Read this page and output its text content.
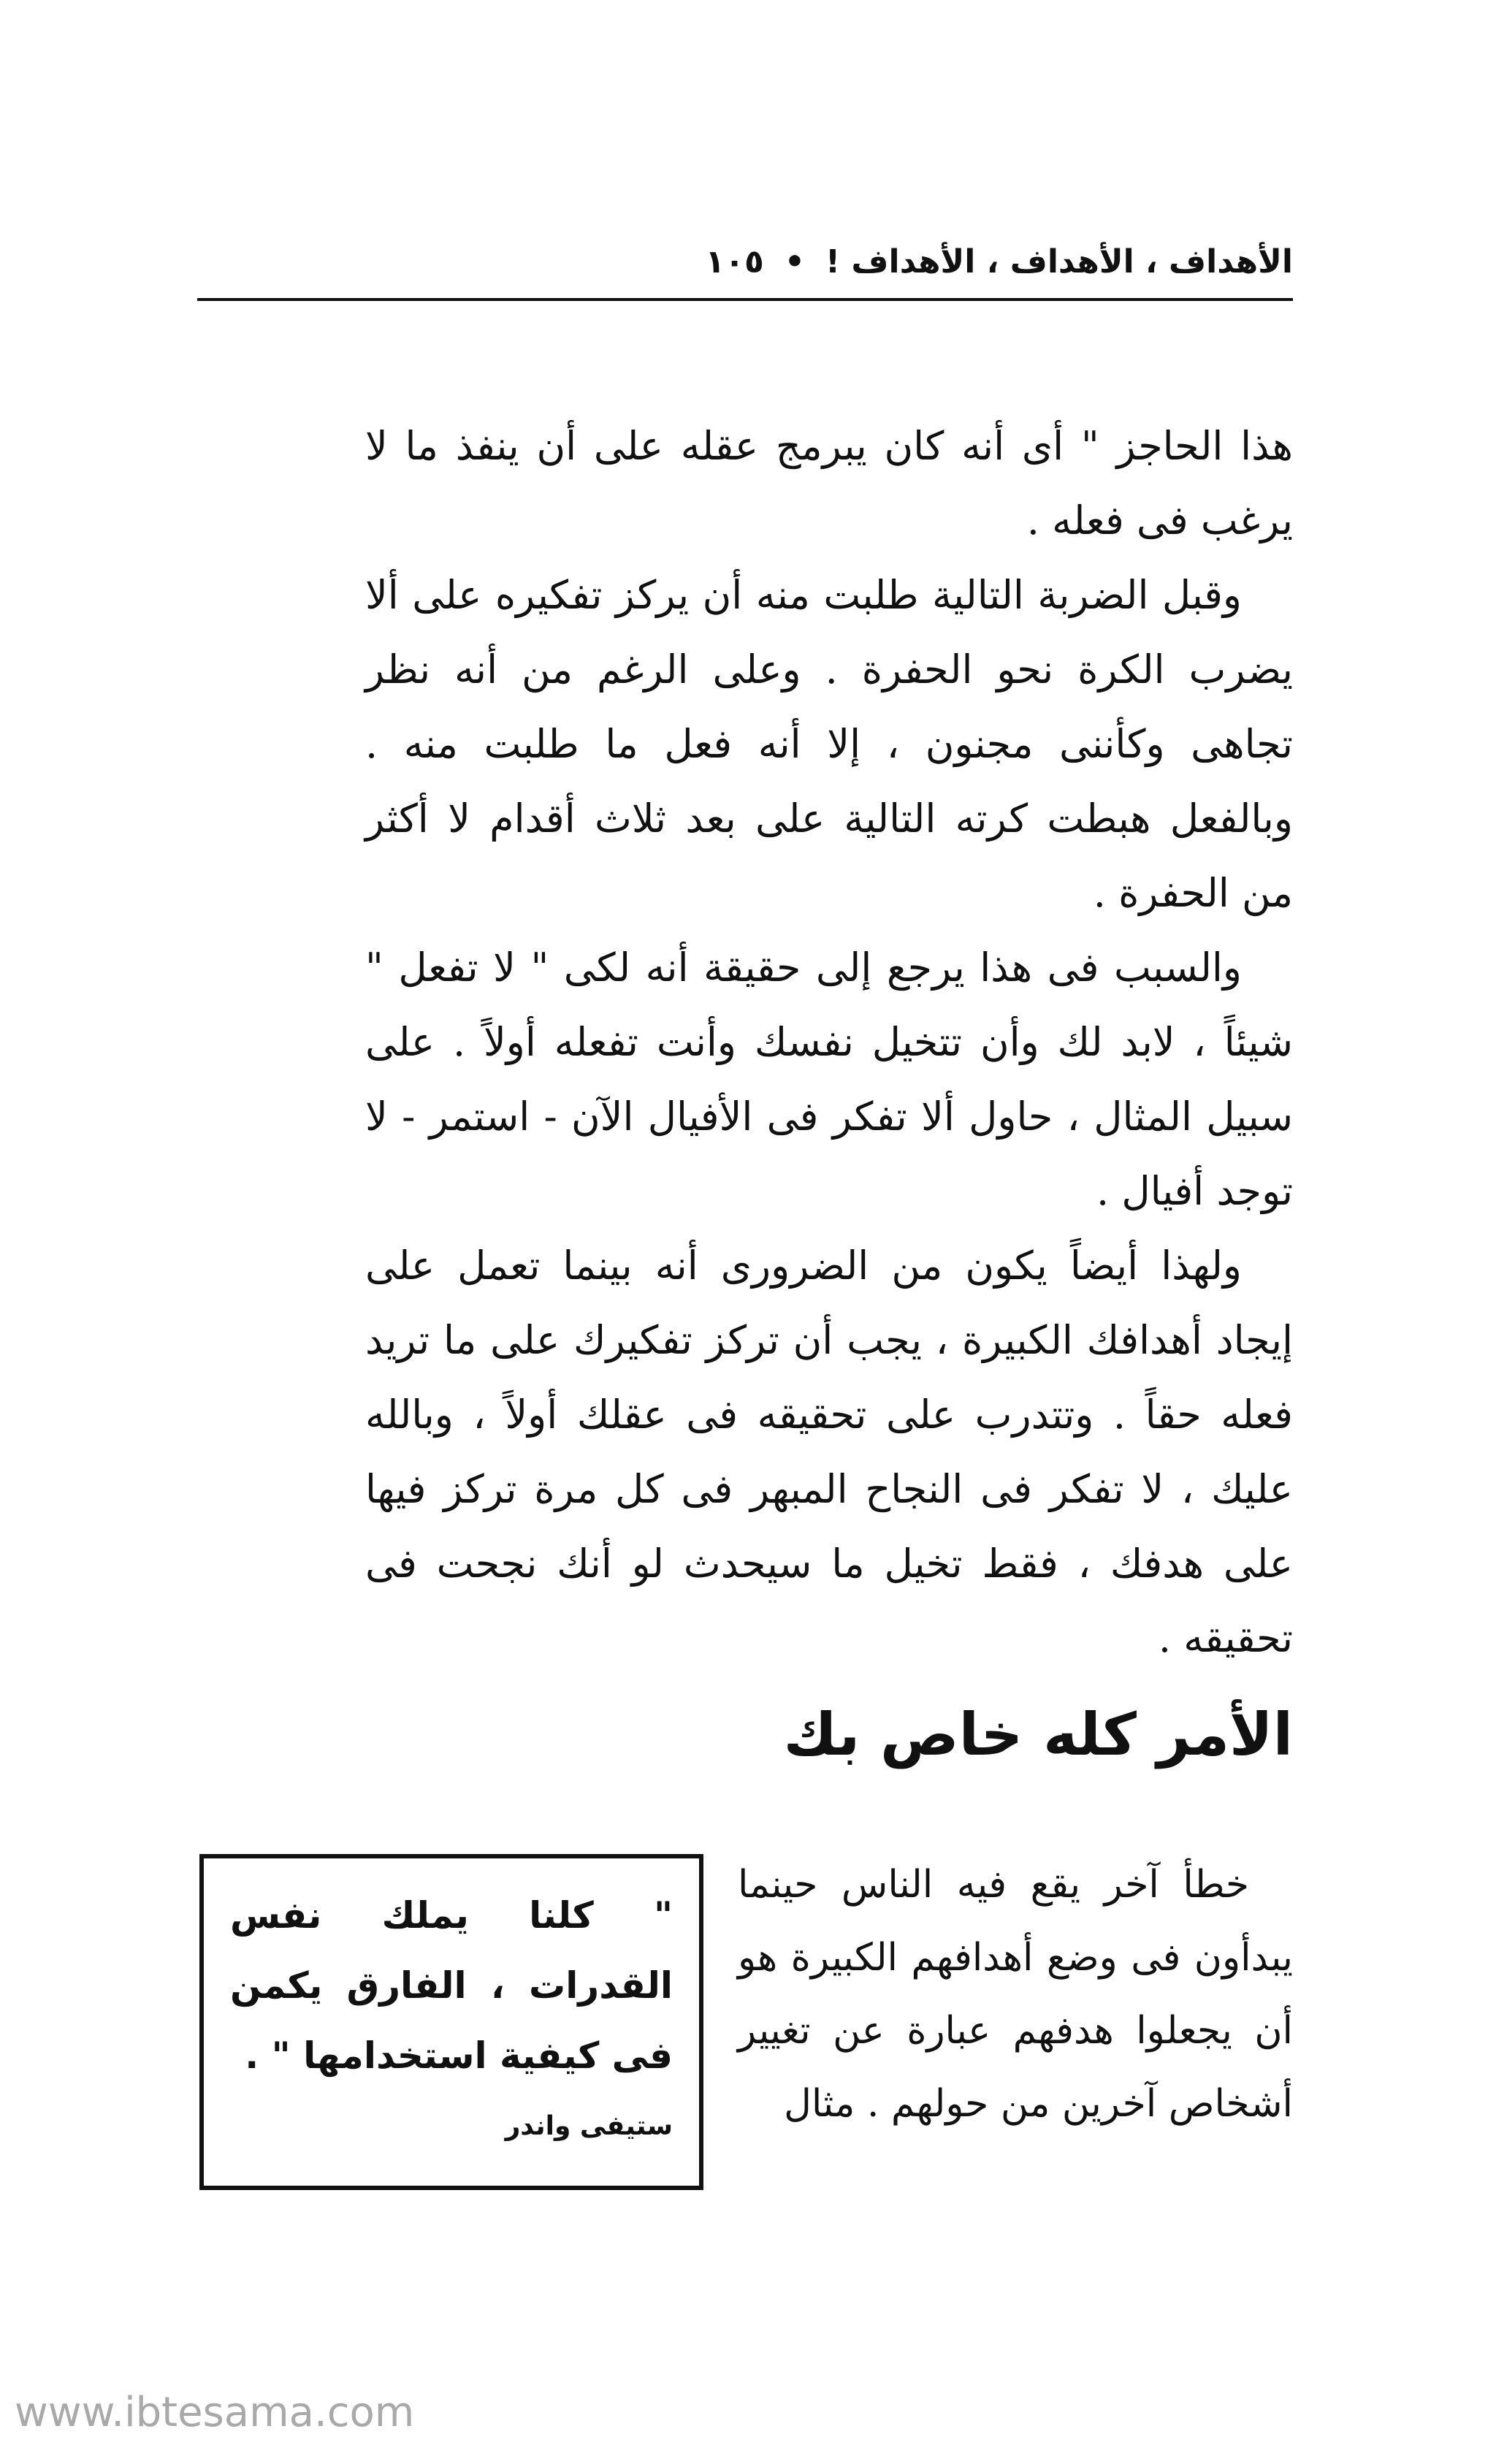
الأهداف ، الأهداف ، الأهداف !
•
١٠٥

هذا الحاجز " أى أنه كان يبرمج عقله على أن ينفذ ما لا يرغب فى فعله .

وقبل الضربة التالية طلبت منه أن يركز تفكيره على ألا يضرب الكرة نحو الحفرة . وعلى الرغم من أنه نظر تجاهى وكأننى مجنون ، إلا أنه فعل ما طلبت منه . وبالفعل هبطت كرته التالية على بعد ثلاث أقدام لا أكثر من الحفرة .

والسبب فى هذا يرجع إلى حقيقة أنه لكى " لا تفعل " شيئاً ، لابد لك وأن تتخيل نفسك وأنت تفعله أولاً . على سبيل المثال ، حاول ألا تفكر فى الأفيال الآن - استمر - لا توجد أفيال .

ولهذا أيضاً يكون من الضرورى أنه بينما تعمل على إيجاد أهدافك الكبيرة ، يجب أن تركز تفكيرك على ما تريد فعله حقاً . وتتدرب على تحقيقه فى عقلك أولاً ، وبالله عليك ، لا تفكر فى النجاح المبهر فى كل مرة تركز فيها على هدفك ، فقط تخيل ما سيحدث لو أنك نجحت فى تحقيقه .

الأمر كله خاص بك
خطأ آخر يقع فيه الناس حينما يبدأون فى وضع أهدافهم الكبيرة هو أن يجعلوا هدفهم عبارة عن تغيير أشخاص آخرين من حولهم . مثال

" كلنا يملك نفس القدرات ، الفارق يكمن فى كيفية استخدامها " .

ستيفى واندر
www.ibtesama.com
